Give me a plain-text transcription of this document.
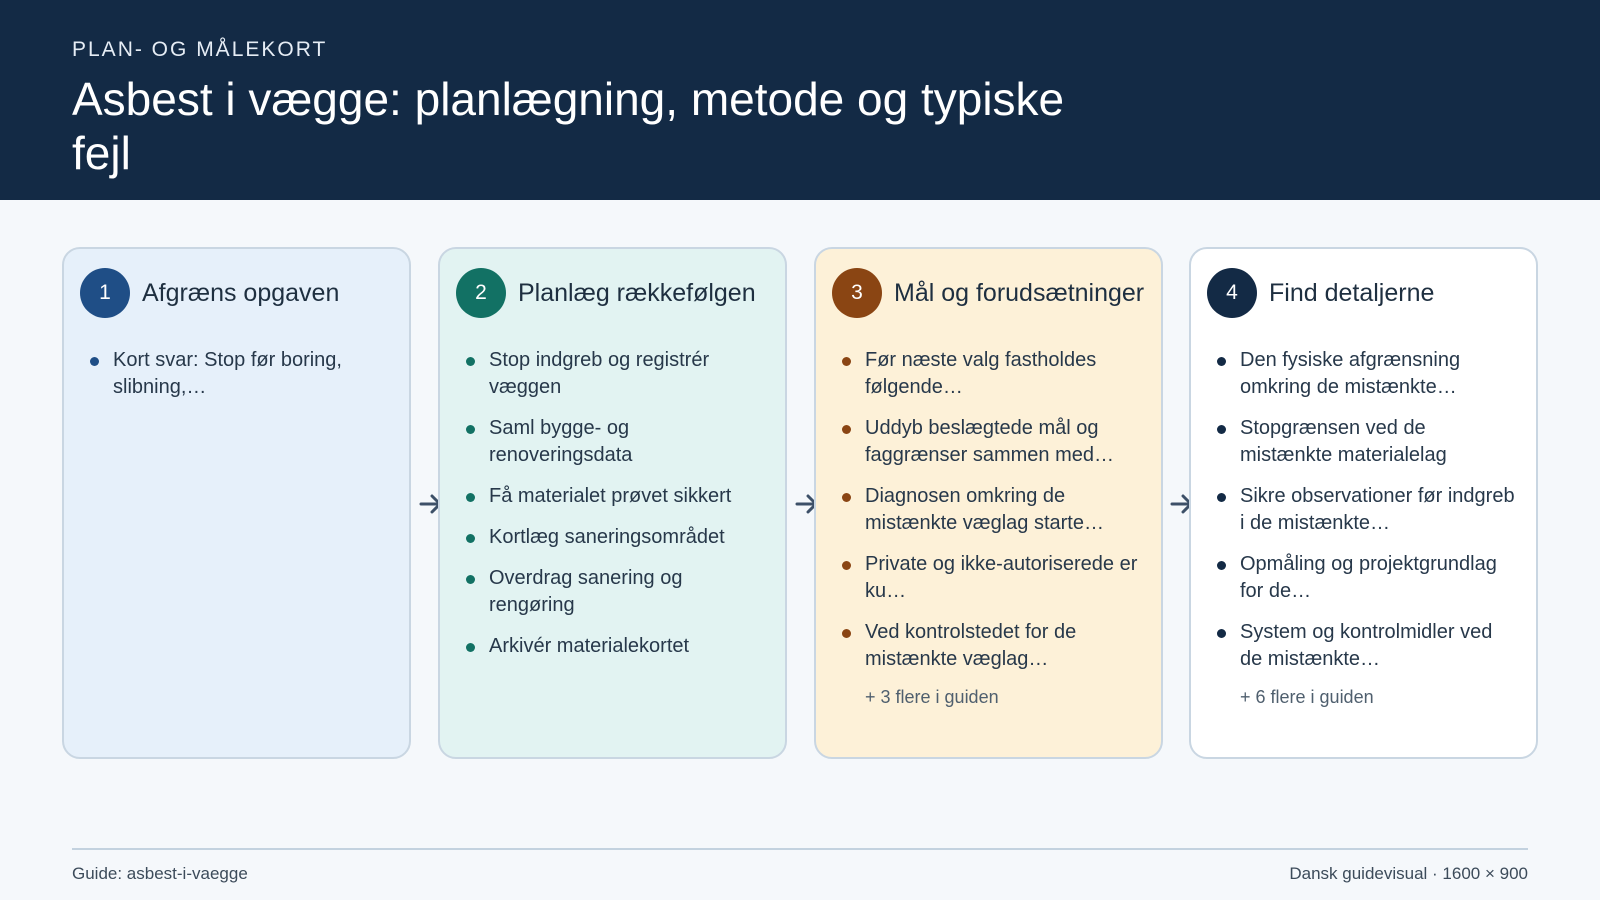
PLAN- OG MÅLEKORT
Asbest i vægge: planlægning, metode og typiske fejl
1	Afgræns opgaven
Kort svar: Stop før boring, slibning,…
2	Planlæg rækkefølgen
Stop indgreb og registrér væggen
Saml bygge- og renoveringsdata
Få materialet prøvet sikkert
Kortlæg saneringsområdet
Overdrag sanering og rengøring
Arkivér materialekortet
3	Mål og forudsætninger
Før næste valg fastholdes følgende…
Uddyb beslægtede mål og faggrænser sammen med…
Diagnosen omkring de mistænkte væglag starte…
Private og ikke-autoriserede er ku…
Ved kontrolstedet for de mistænkte væglag…
+ 3 flere i guiden
4	Find detaljerne
Den fysiske afgrænsning omkring de mistænkte…
Stopgrænsen ved de mistænkte materialelag
Sikre observationer før indgreb i de mistænkte…
Opmåling og projektgrundlag for de…
System og kontrolmidler ved de mistænkte…
+ 6 flere i guiden
Guide: asbest-i-vaegge	Dansk guidevisual · 1600 × 900
